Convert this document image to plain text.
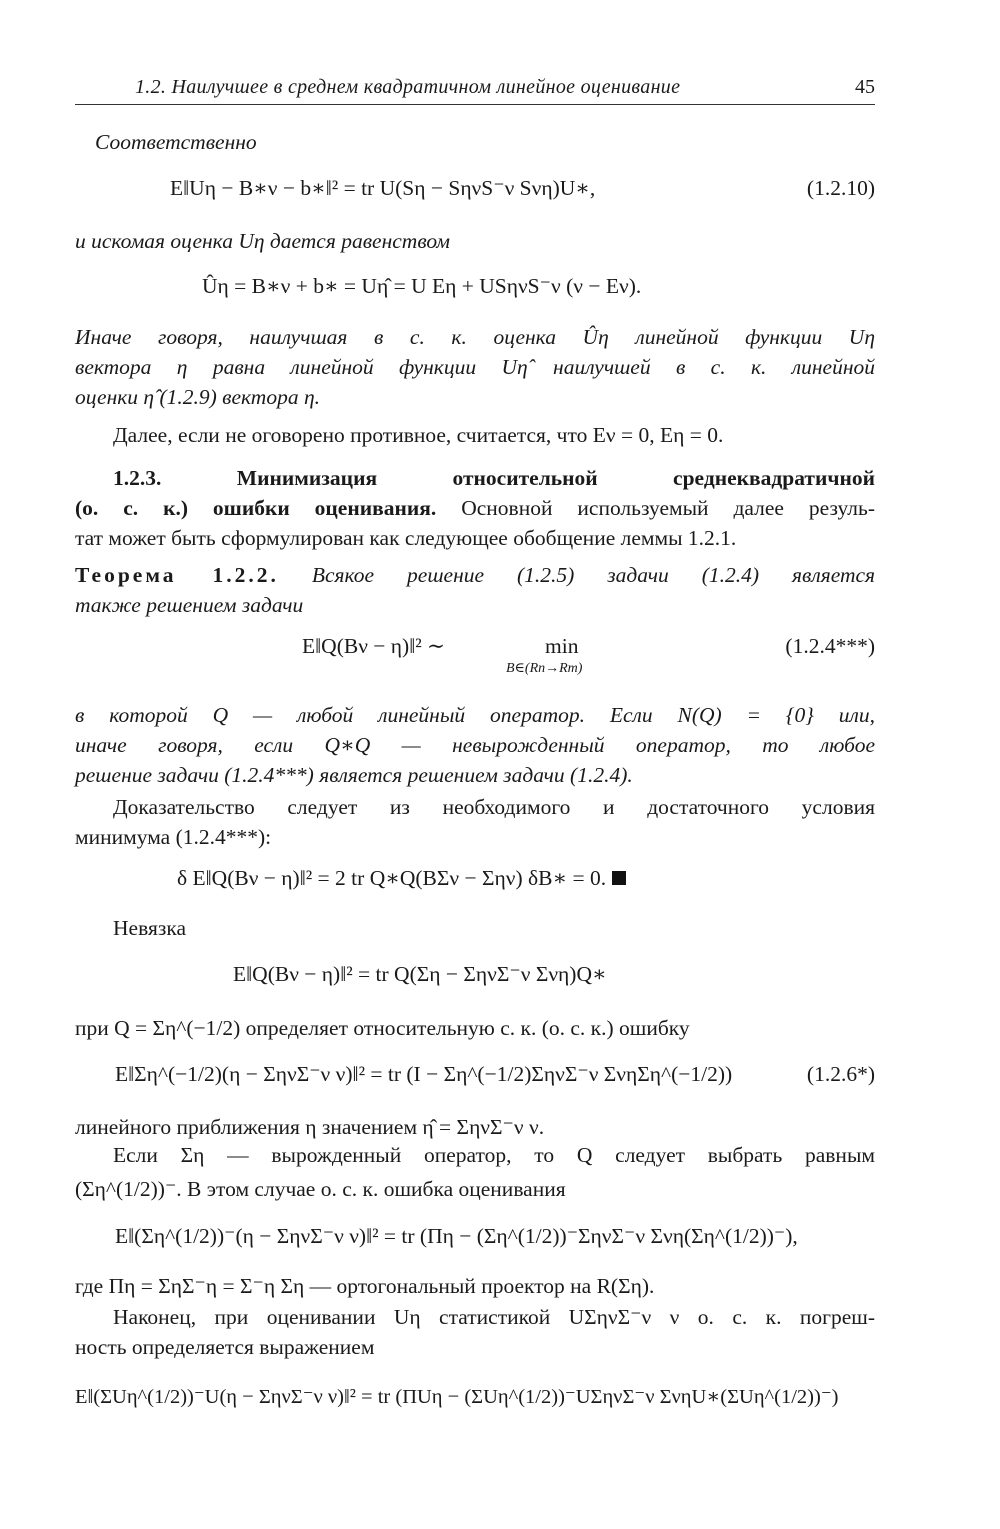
1.2. Наилучшее в среднем квадратичном линейное оценивание	45
Соответственно
E‖Uη − B∗ν − b∗‖² = tr U(Sη − SηνS⁻ν Sνη)U∗,	(1.2.10)
и искомая оценка Uη дается равенством
Ûη = B∗ν + b∗ = Uη̂ = U Eη + USηνS⁻ν (ν − Eν).
Иначе говоря, наилучшая в с. к. оценка Ûη линейной функции Uη
вектора η равна линейной функции Uη̂ наилучшей в с. к. линейной
оценки η̂ (1.2.9) вектора η.
Далее, если не оговорено противное, считается, что Eν = 0, Eη = 0.
1.2.3.	Минимизация относительной среднеквадратичной
(о. с. к.) ошибки оценивания. Основной используемый далее резуль-
тат может быть сформулирован как следующее обобщение леммы 1.2.1.
Теорема 1.2.2. Всякое решение (1.2.5) задачи (1.2.4) является
также решением задачи
E‖Q(Bν − η)‖² ∼	min
B∈(Rn→Rm)
(1.2.4***)
в которой Q — любой линейный оператор. Если N(Q) = {0} или,
иначе говоря, если Q∗Q — невырожденный оператор, то любое
решение задачи (1.2.4***) является решением задачи (1.2.4).
Доказательство следует из необходимого и достаточного условия
минимума (1.2.4***):
δ E‖Q(Bν − η)‖² = 2 tr Q∗Q(BΣν − Σην) δB∗ = 0.
Невязка
E‖Q(Bν − η)‖² = tr Q(Ση − ΣηνΣ⁻ν Σνη)Q∗
при Q = Ση^(−1/2) определяет относительную с. к. (о. с. к.) ошибку
E‖Ση^(−1/2)(η − ΣηνΣ⁻ν ν)‖² = tr (I − Ση^(−1/2)ΣηνΣ⁻ν ΣνηΣη^(−1/2))	(1.2.6*)
линейного приближения η значением η̂ = ΣηνΣ⁻ν ν.
Если Ση — вырожденный оператор, то Q следует выбрать равным
(Ση^(1/2))⁻. В этом случае о. с. к. ошибка оценивания
E‖(Ση^(1/2))⁻(η − ΣηνΣ⁻ν ν)‖² = tr (Πη − (Ση^(1/2))⁻ΣηνΣ⁻ν Σνη(Ση^(1/2))⁻),
где Πη = ΣηΣ⁻η = Σ⁻η Ση — ортогональный проектор на R(Ση).
Наконец, при оценивании Uη статистикой UΣηνΣ⁻ν ν о. с. к. погреш-
ность определяется выражением
E‖(ΣUη^(1/2))⁻U(η − ΣηνΣ⁻ν ν)‖² = tr (ΠUη − (ΣUη^(1/2))⁻UΣηνΣ⁻ν ΣνηU∗(ΣUη^(1/2))⁻)
